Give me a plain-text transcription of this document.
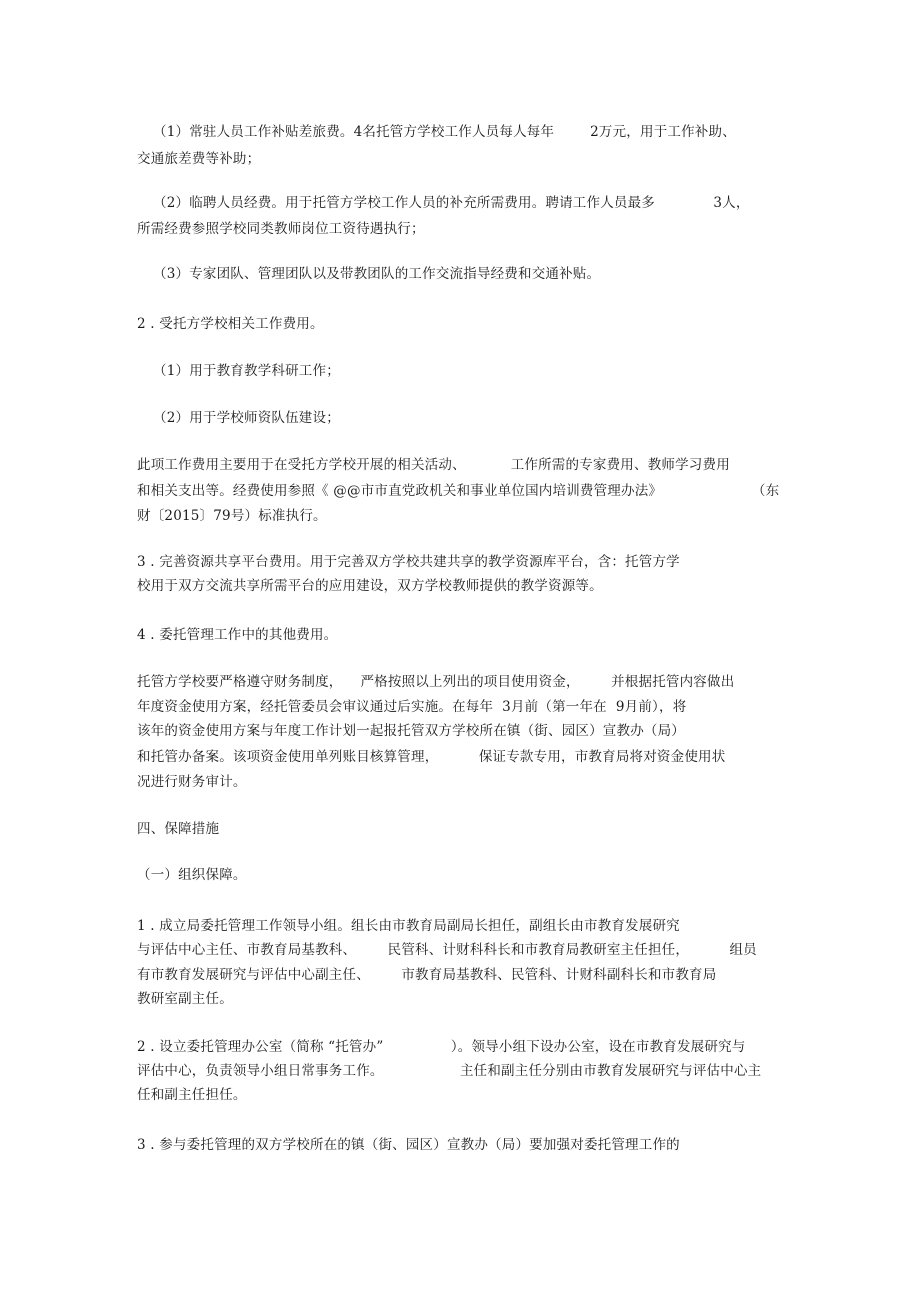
（1）常驻人员工作补贴差旅费。4名托管方学校工作人员每人每年        2万元，用于工作补助、
交通旅差费等补助；
（2）临聘人员经费。用于托管方学校工作人员的补充所需费用。聘请工作人员最多             3人，
所需经费参照学校同类教师岗位工资待遇执行；
（3）专家团队、管理团队以及带教团队的工作交流指导经费和交通补贴。
2 . 受托方学校相关工作费用。
（1）用于教育教学科研工作；
（2）用于学校师资队伍建设；
此项工作费用主要用于在受托方学校开展的相关活动、          工作所需的专家费用、教师学习费用
和相关支出等。经费使用参照《 @@市市直党政机关和事业单位国内培训费管理办法》                    （东
财〔2015〕79号）标准执行。
3 . 完善资源共享平台费用。用于完善双方学校共建共享的教学资源库平台，含：托管方学
校用于双方交流共享所需平台的应用建设，双方学校教师提供的教学资源等。
4 . 委托管理工作中的其他费用。
托管方学校要严格遵守财务制度，    严格按照以上列出的项目使用资金，       并根据托管内容做出
年度资金使用方案，经托管委员会审议通过后实施。在每年  3月前（第一年在  9月前），将
该年的资金使用方案与年度工作计划一起报托管双方学校所在镇（街、园区）宣教办（局）
和托管办备案。该项资金使用单列账目核算管理，         保证专款专用，市教育局将对资金使用状
况进行财务审计。
四、保障措施
（一）组织保障。
1 . 成立局委托管理工作领导小组。组长由市教育局副局长担任，副组长由市教育发展研究
与评估中心主任、市教育局基教科、       民管科、计财科科长和市教育局教研室主任担任，         组员
有市教育发展研究与评估中心副主任、       市教育局基教科、民管科、计财科副科长和市教育局
教研室副主任。
2 . 设立委托管理办公室（简称 “托管办”               ）。领导小组下设办公室，设在市教育发展研究与
评估中心，负责领导小组日常事务工作。                 主任和副主任分别由市教育发展研究与评估中心主
任和副主任担任。
3 . 参与委托管理的双方学校所在的镇（街、园区）宣教办（局）要加强对委托管理工作的
